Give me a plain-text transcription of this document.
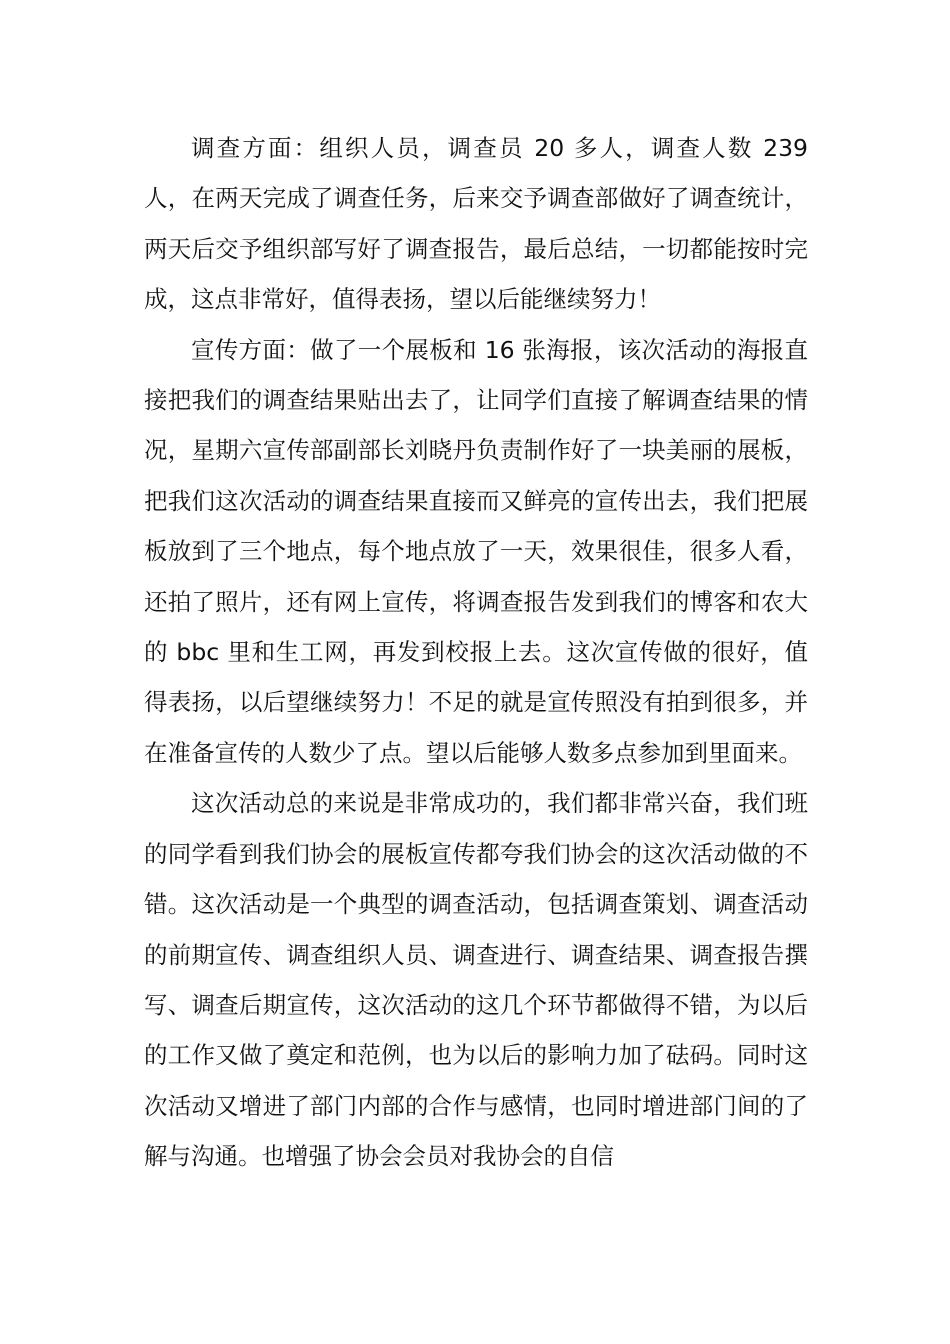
调查方面：组织人员，调查员 20 多人，调查人数 239 人，在两天完成了调查任务，后来交予调查部做好了调查统计，两天后交予组织部写好了调查报告，最后总结，一切都能按时完成，这点非常好，值得表扬，望以后能继续努力！

宣传方面：做了一个展板和 16 张海报，该次活动的海报直接把我们的调查结果贴出去了，让同学们直接了解调查结果的情况，星期六宣传部副部长刘晓丹负责制作好了一块美丽的展板，把我们这次活动的调查结果直接而又鲜亮的宣传出去，我们把展板放到了三个地点，每个地点放了一天，效果很佳，很多人看，还拍了照片，还有网上宣传，将调查报告发到我们的博客和农大的 bbc 里和生工网，再发到校报上去。这次宣传做的很好，值得表扬，以后望继续努力！不足的就是宣传照没有拍到很多，并在准备宣传的人数少了点。望以后能够人数多点参加到里面来。

这次活动总的来说是非常成功的，我们都非常兴奋，我们班的同学看到我们协会的展板宣传都夸我们协会的这次活动做的不错。这次活动是一个典型的调查活动，包括调查策划、调查活动的前期宣传、调查组织人员、调查进行、调查结果、调查报告撰写、调查后期宣传，这次活动的这几个环节都做得不错，为以后的工作又做了奠定和范例，也为以后的影响力加了砝码。同时这次活动又增进了部门内部的合作与感情，也同时增进部门间的了解与沟通。也增强了协会会员对我协会的自信
